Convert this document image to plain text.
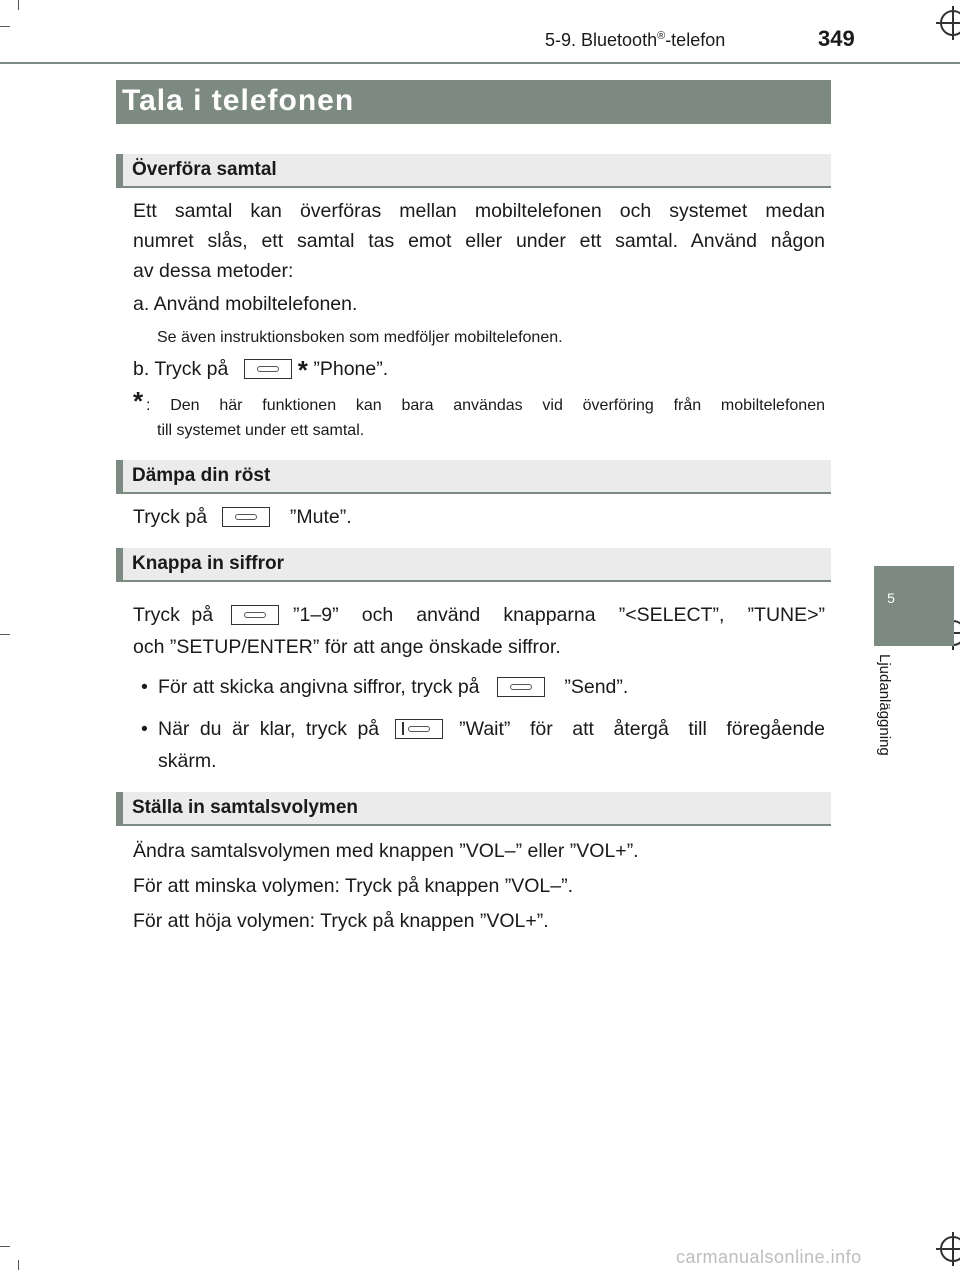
5-9. Bluetooth®-telefon	349
5
Ljudanläggning
Tala i telefonen
Överföra samtal
Ett samtal kan överföras mellan mobiltelefonen och systemet medan
numret slås, ett samtal tas emot eller under ett samtal. Använd någon
av dessa metoder:
a. Använd mobiltelefonen.
Se även instruktionsboken som medföljer mobiltelefonen.
b. Tryck på	* ”Phone”.
* : Den här funktionen kan bara användas vid överföring från mobiltelefonen
till systemet under ett samtal.
Dämpa din röst
Tryck på	”Mute”.
Knappa in siffror
Tryck på	”1–9” och använd knapparna ”<SELECT”, ”TUNE>”
och ”SETUP/ENTER” för att ange önskade siffror.
• För att skicka angivna siffror, tryck på	”Send”.
• När du är klar, tryck på	”Wait” för att återgå till föregående
skärm.
Ställa in samtalsvolymen
Ändra samtalsvolymen med knappen ”VOL–” eller ”VOL+”.
För att minska volymen: Tryck på knappen ”VOL–”.
För att höja volymen: Tryck på knappen ”VOL+”.
carmanualsonline.info
